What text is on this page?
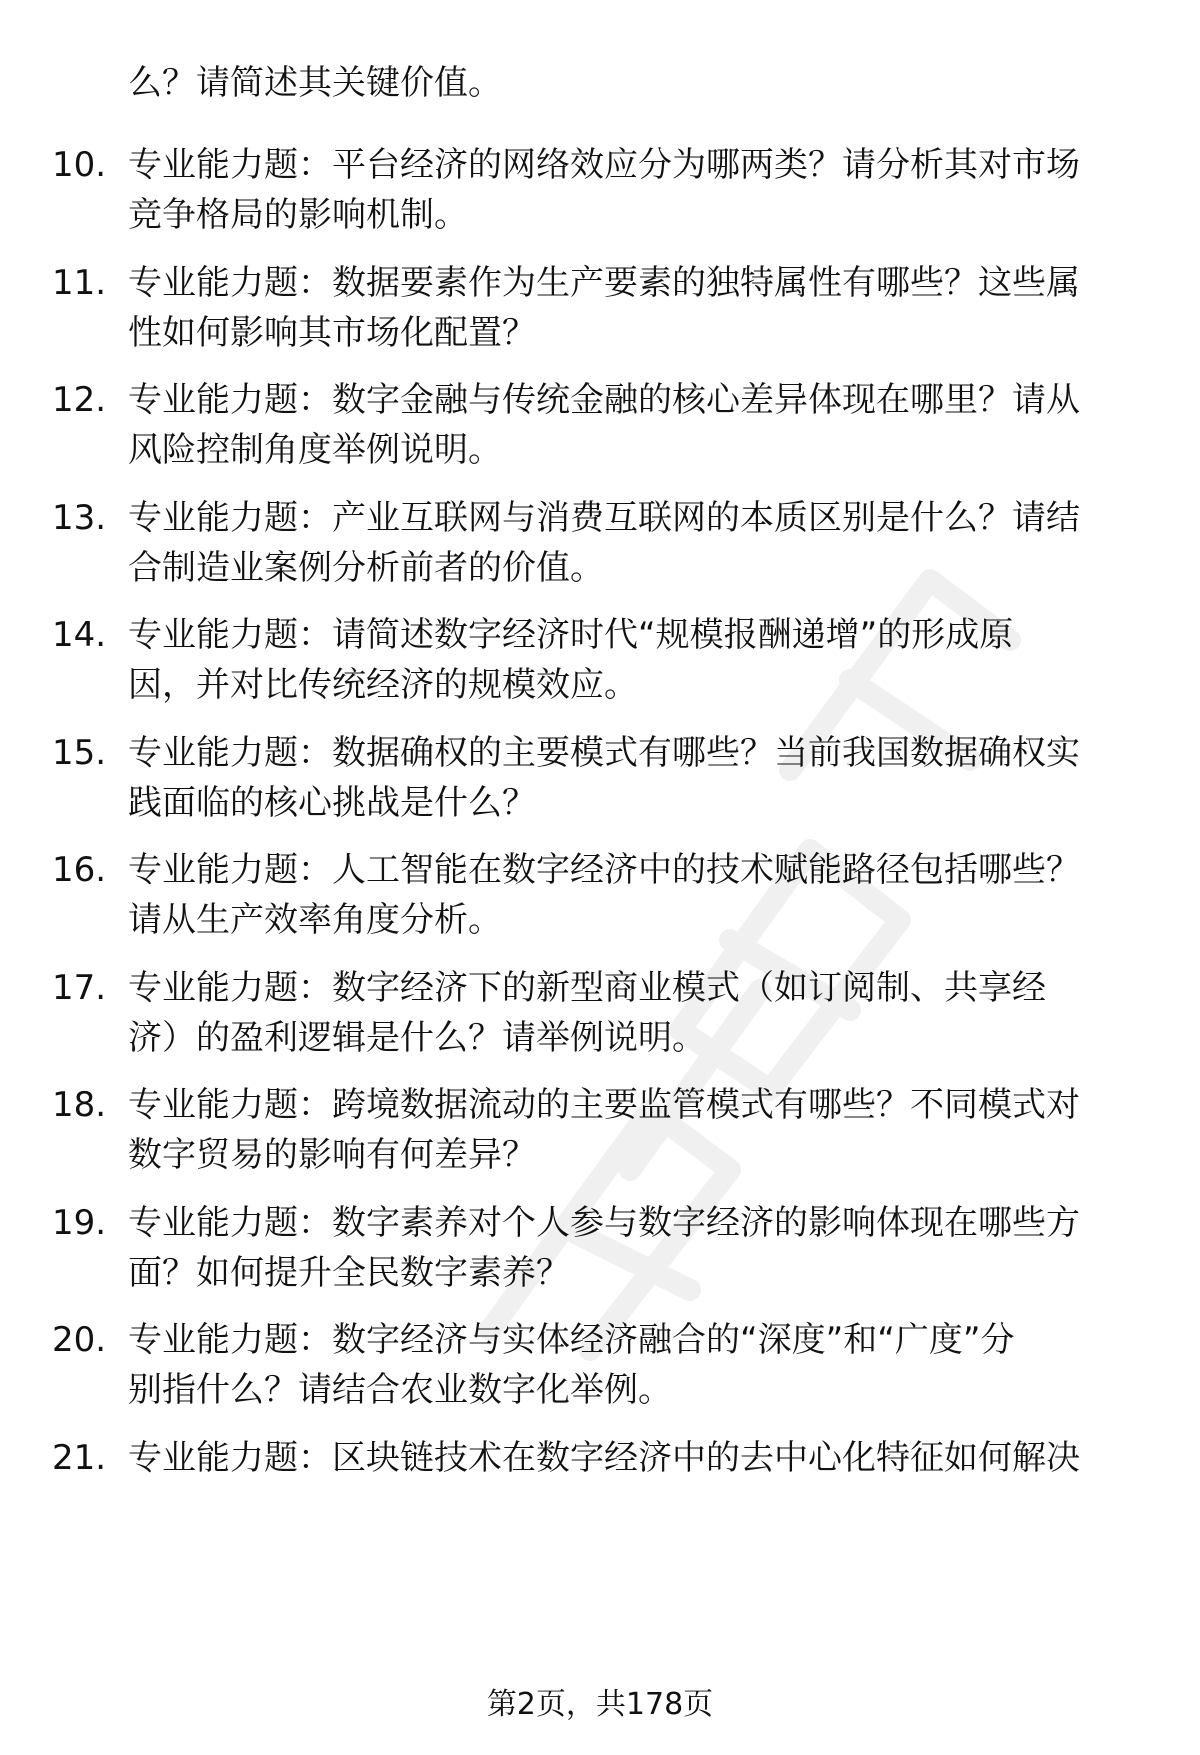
么？请简述其关键价值。
10. 专业能力题：平台经济的网络效应分为哪两类？请分析其对市场
竞争格局的影响机制。
11. 专业能力题：数据要素作为生产要素的独特属性有哪些？这些属
性如何影响其市场化配置？
12. 专业能力题：数字金融与传统金融的核心差异体现在哪里？请从
风险控制角度举例说明。
13. 专业能力题：产业互联网与消费互联网的本质区别是什么？请结
合制造业案例分析前者的价值。
14. 专业能力题：请简述数字经济时代“规模报酬递增”的形成原
因，并对比传统经济的规模效应。
15. 专业能力题：数据确权的主要模式有哪些？当前我国数据确权实
践面临的核心挑战是什么？
16. 专业能力题：人工智能在数字经济中的技术赋能路径包括哪些？
请从生产效率角度分析。
17. 专业能力题：数字经济下的新型商业模式（如订阅制、共享经
济）的盈利逻辑是什么？请举例说明。
18. 专业能力题：跨境数据流动的主要监管模式有哪些？不同模式对
数字贸易的影响有何差异？
19. 专业能力题：数字素养对个人参与数字经济的影响体现在哪些方
面？如何提升全民数字素养？
20. 专业能力题：数字经济与实体经济融合的“深度”和“广度”分
别指什么？请结合农业数字化举例。
21. 专业能力题：区块链技术在数字经济中的去中心化特征如何解决
第2页，共178页
